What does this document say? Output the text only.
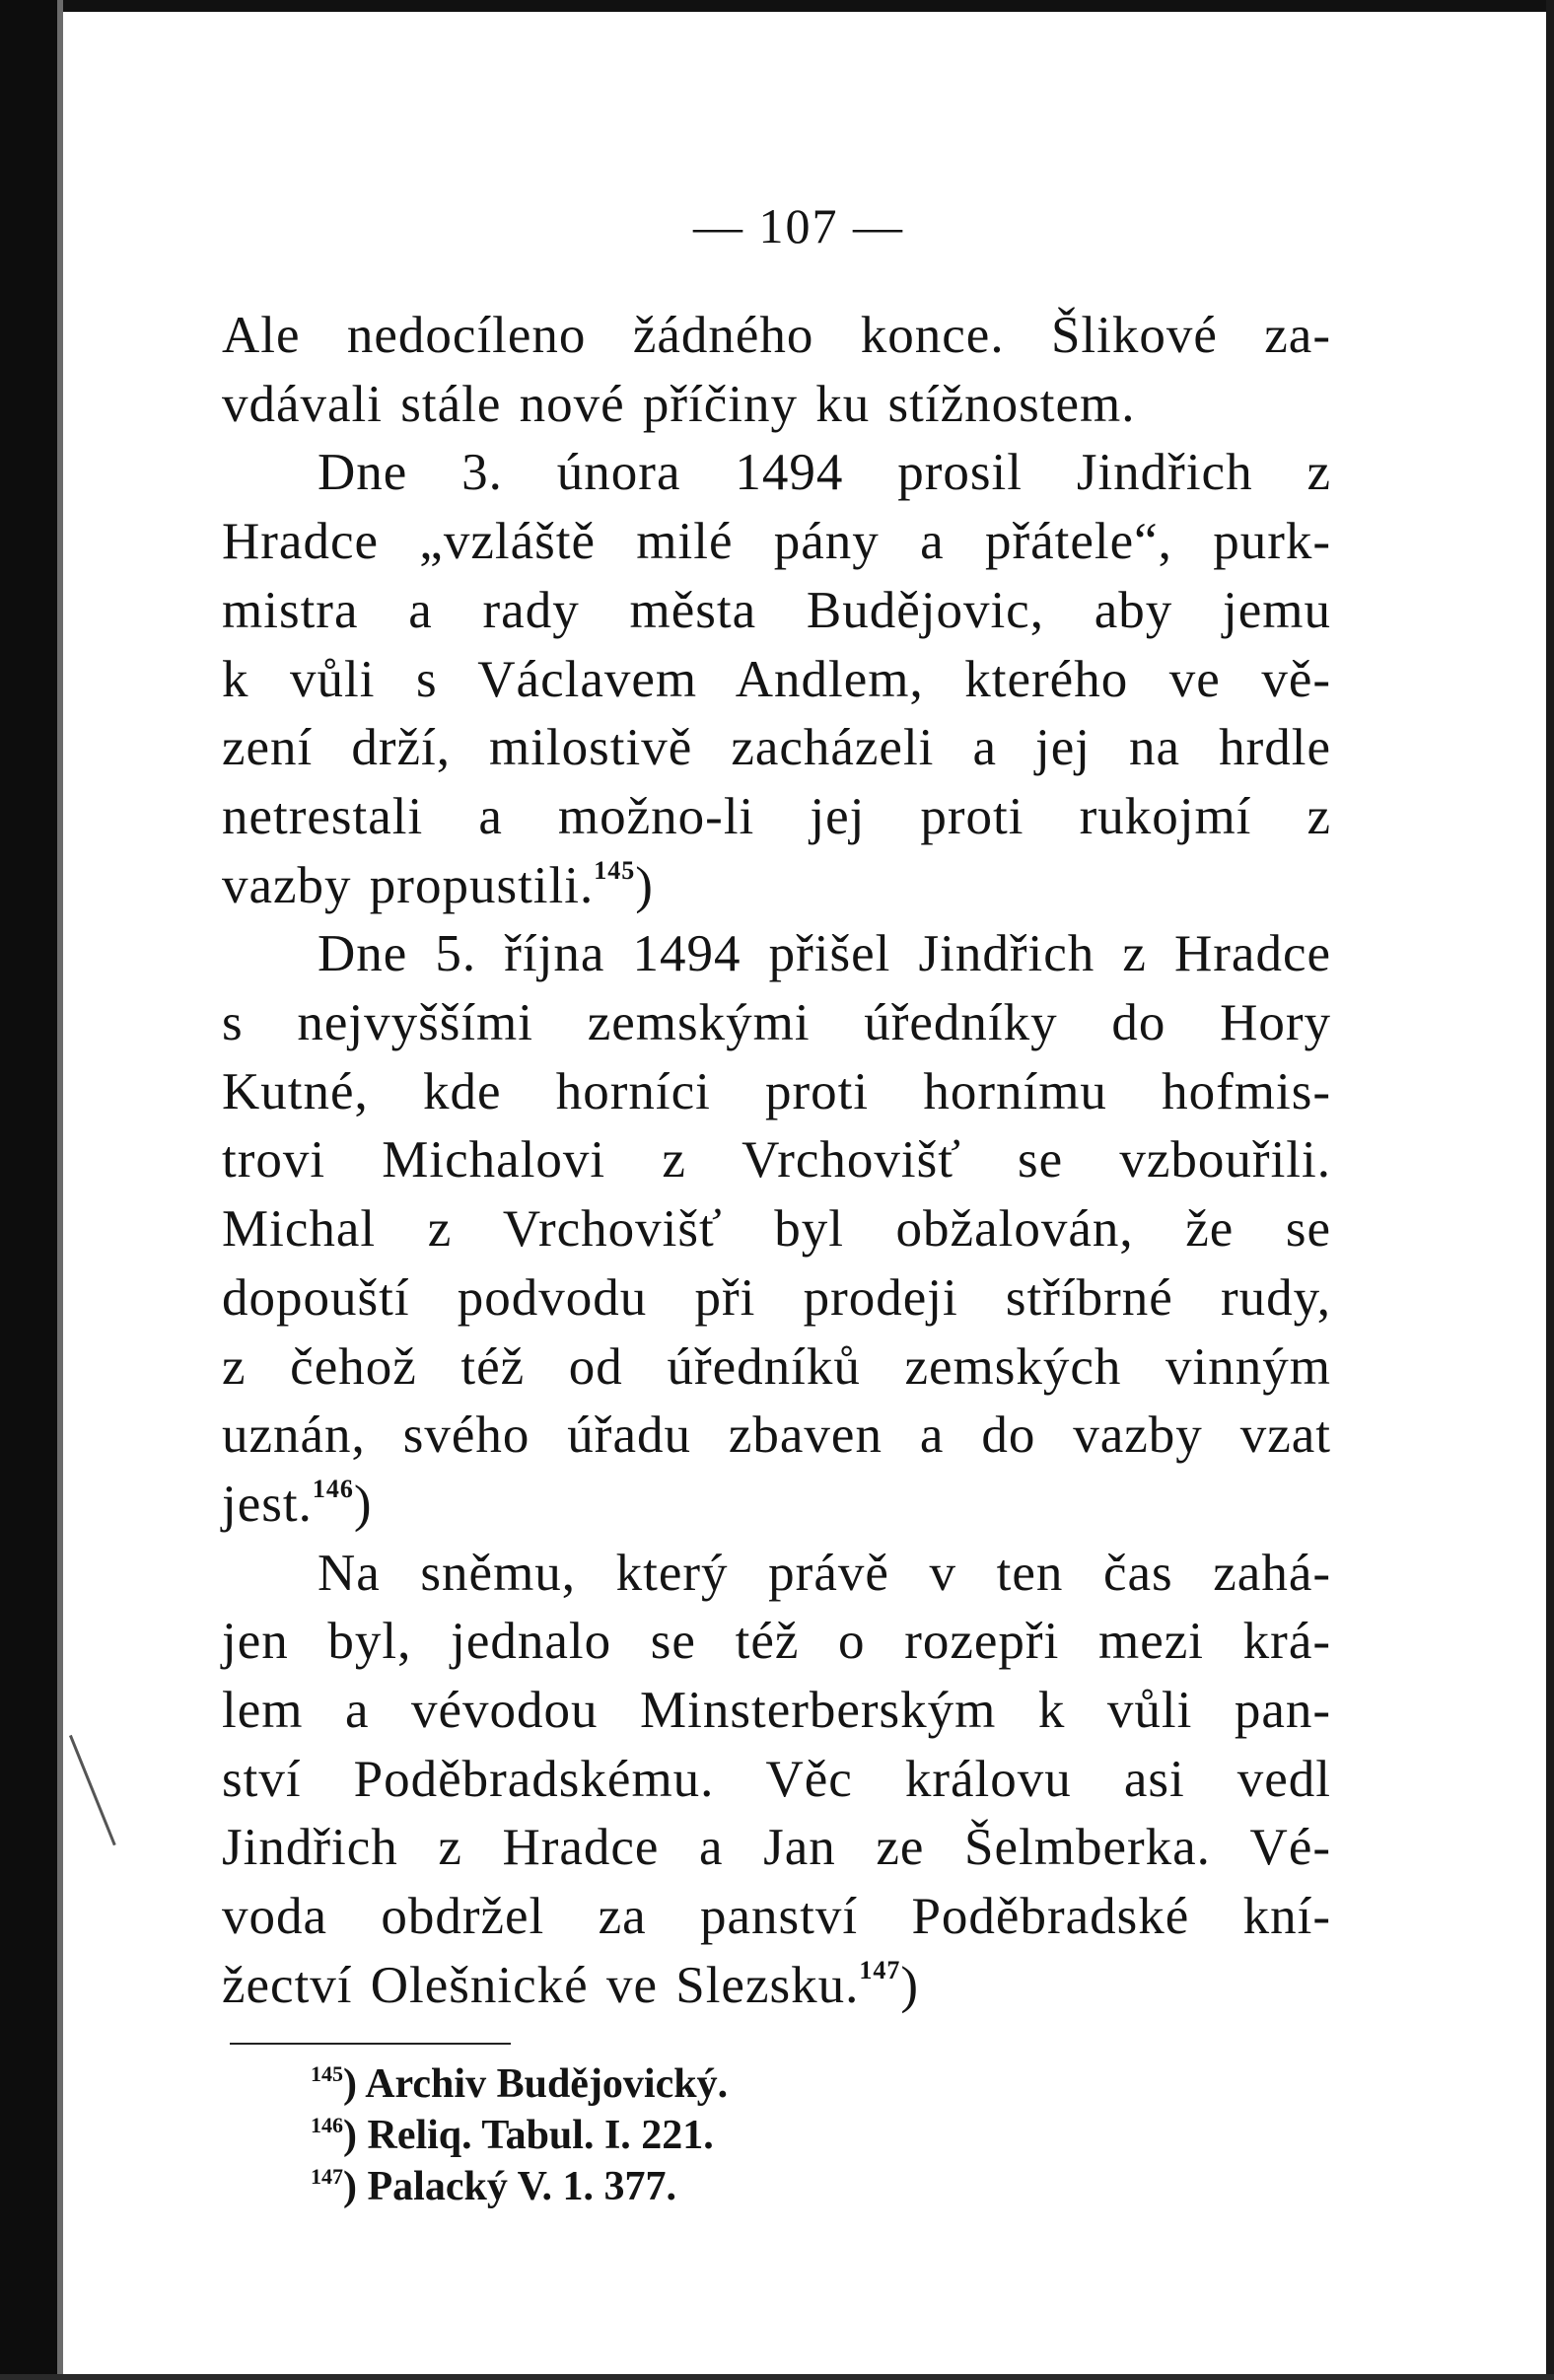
— 107 —

Ale nedocíleno žádného konce. Šlikové za-
vdávali stále nové příčiny ku stížnostem.

Dne 3. února 1494 prosil Jindřich z
Hradce „vzláště milé pány a přátele“, purk-
mistra a rady města Budějovic, aby jemu
k vůli s Václavem Andlem, kterého ve vě-
zení drží, milostivě zacházeli a jej na hrdle
netrestali a možno-li jej proti rukojmí z
vazby propustili.$^{145}$)

Dne 5. října 1494 přišel Jindřich z Hradce
s nejvyššími zemskými úředníky do Hory
Kutné, kde horníci proti hornímu hofmis-
trovi Michalovi z Vrchovišť se vzbouřili.
Michal z Vrchovišť byl obžalován, že se
dopouští podvodu při prodeji stříbrné rudy,
z čehož též od úředníků zemských vinným
uznán, svého úřadu zbaven a do vazby vzat
jest.$^{146}$)

Na sněmu, který právě v ten čas zahá-
jen byl, jednalo se též o rozepři mezi krá-
lem a vévodou Minsterberským k vůli pan-
ství Poděbradskému. Věc královu asi vedl
Jindřich z Hradce a Jan ze Šelmberka. Vé-
voda obdržel za panství Poděbradské kní-
žectví Olešnické ve Slezsku.$^{147}$)

$^{145}$) Archiv Budějovický.
$^{146}$) Reliq. Tabul. I. 221.
$^{147}$) Palacký V. 1. 377.
